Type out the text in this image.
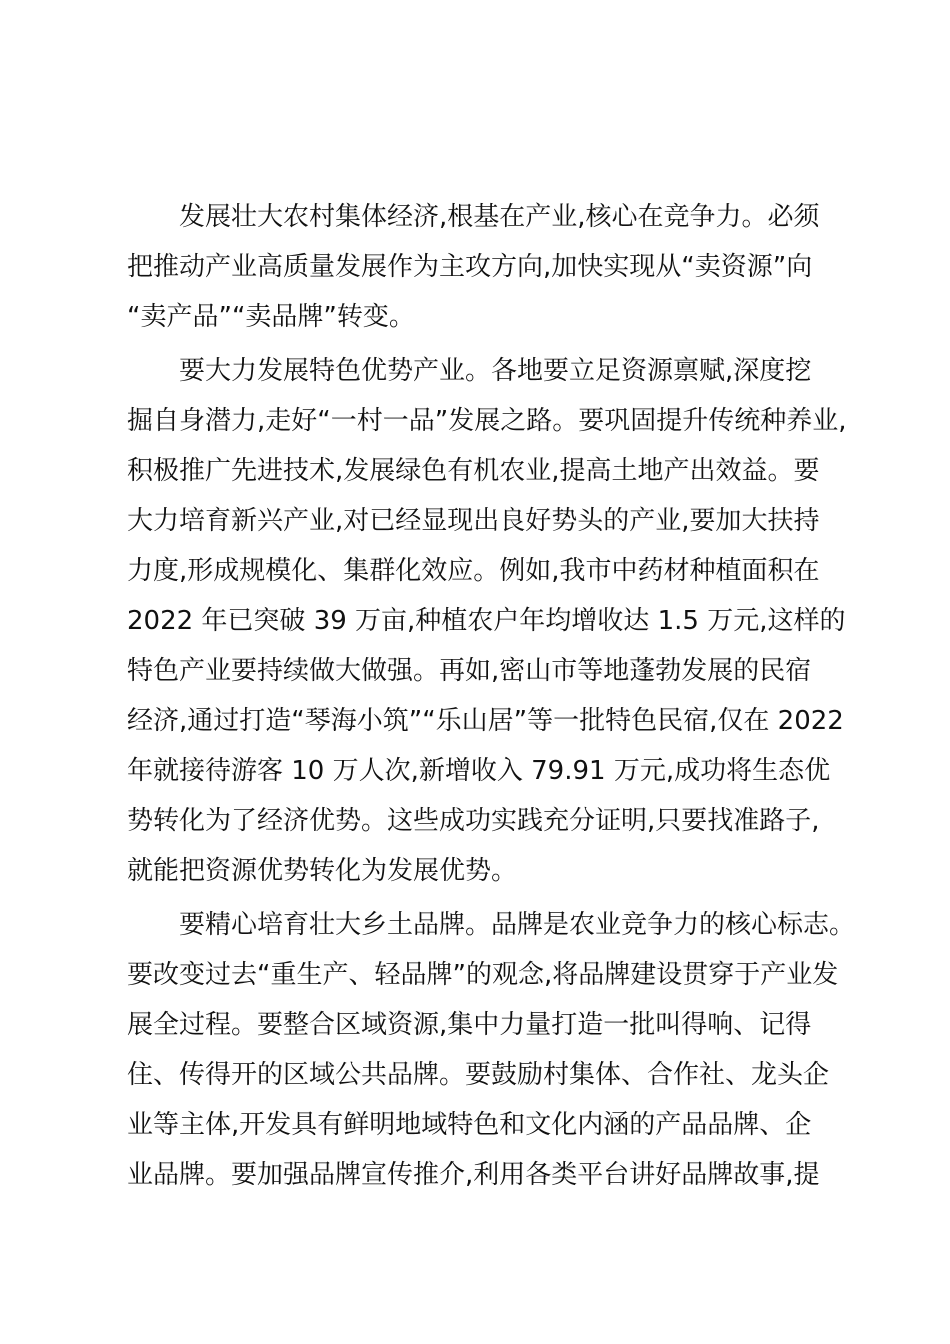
发展壮大农村集体经济,根基在产业,核心在竞争力。必须
把推动产业高质量发展作为主攻方向,加快实现从“卖资源”向
“卖产品”“卖品牌”转变。
要大力发展特色优势产业。各地要立足资源禀赋,深度挖
掘自身潜力,走好“一村一品”发展之路。要巩固提升传统种养业,
积极推广先进技术,发展绿色有机农业,提高土地产出效益。要
大力培育新兴产业,对已经显现出良好势头的产业,要加大扶持
力度,形成规模化、集群化效应。例如,我市中药材种植面积在
2022 年已突破 39 万亩,种植农户年均增收达 1.5 万元,这样的
特色产业要持续做大做强。再如,密山市等地蓬勃发展的民宿
经济,通过打造“琴海小筑”“乐山居”等一批特色民宿,仅在 2022
年就接待游客 10 万人次,新增收入 79.91 万元,成功将生态优
势转化为了经济优势。这些成功实践充分证明,只要找准路子,
就能把资源优势转化为发展优势。
要精心培育壮大乡土品牌。品牌是农业竞争力的核心标志。
要改变过去“重生产、轻品牌”的观念,将品牌建设贯穿于产业发
展全过程。要整合区域资源,集中力量打造一批叫得响、记得
住、传得开的区域公共品牌。要鼓励村集体、合作社、龙头企
业等主体,开发具有鲜明地域特色和文化内涵的产品品牌、企
业品牌。要加强品牌宣传推介,利用各类平台讲好品牌故事,提
